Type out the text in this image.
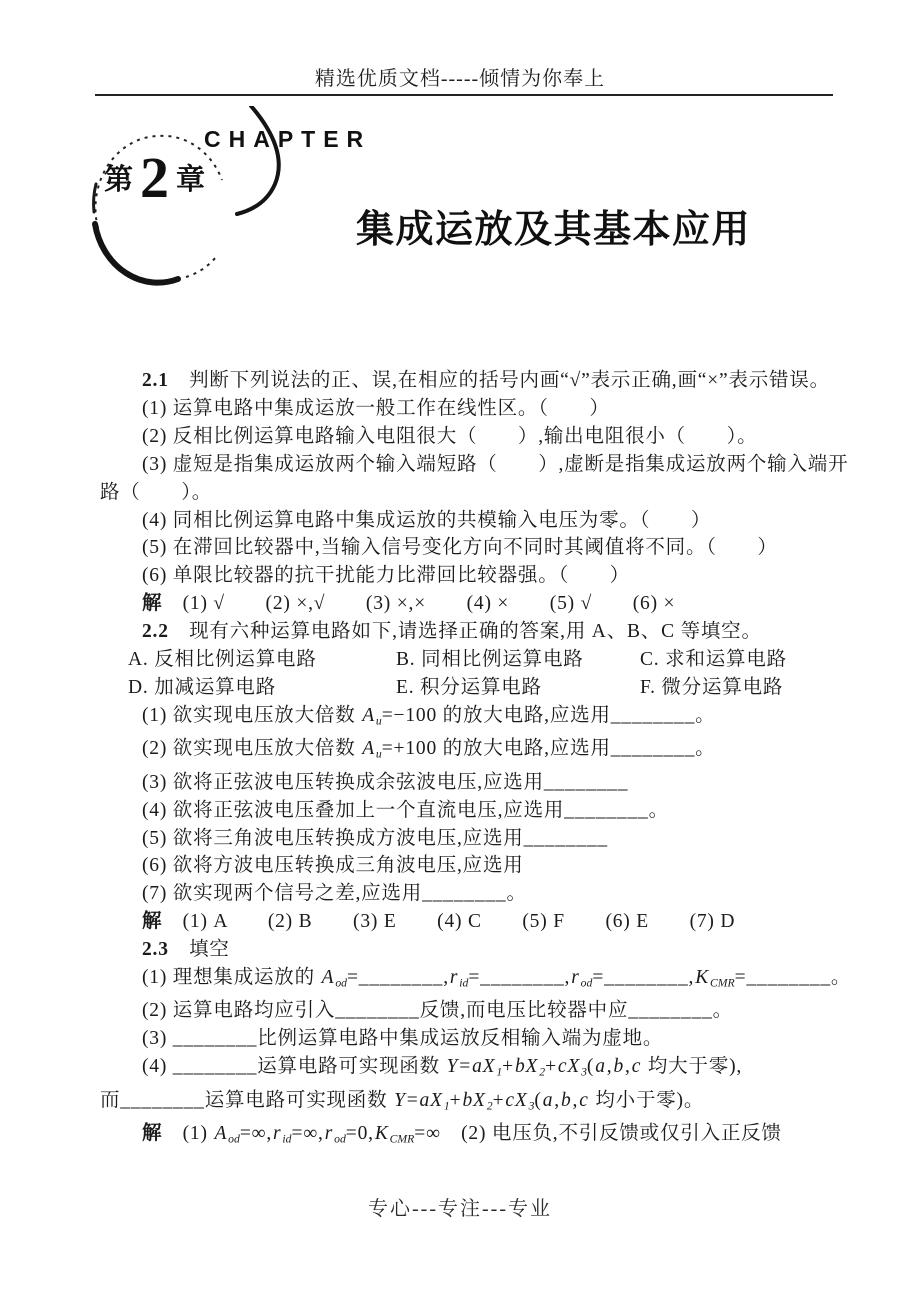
精选优质文档-----倾情为你奉上
CHAPTER
第 2 章
集成运放及其基本应用

2.1　判断下列说法的正、误,在相应的括号内画“√”表示正确,画“×”表示错误。

(1) 运算电路中集成运放一般工作在线性区。（　　）

(2) 反相比例运算电路输入电阻很大（　　）,输出电阻很小（　　）。

(3) 虚短是指集成运放两个输入端短路（　　）,虚断是指集成运放两个输入端开

路（　　）。

(4) 同相比例运算电路中集成运放的共模输入电压为零。（　　）

(5) 在滞回比较器中,当输入信号变化方向不同时其阈值将不同。（　　）

(6) 单限比较器的抗干扰能力比滞回比较器强。（　　）

解　(1) √　　(2) ×,√　　(3) ×,×　　(4) ×　　(5) √　　(6) ×

2.2　现有六种运算电路如下,请选择正确的答案,用 A、B、C 等填空。

A. 反相比例运算电路	B. 同相比例运算电路	C. 求和运算电路

D. 加减运算电路	E. 积分运算电路	F. 微分运算电路

(1) 欲实现电压放大倍数 Au=−100 的放大电路,应选用________。

(2) 欲实现电压放大倍数 Au=+100 的放大电路,应选用________。

(3) 欲将正弦波电压转换成余弦波电压,应选用________

(4) 欲将正弦波电压叠加上一个直流电压,应选用________。

(5) 欲将三角波电压转换成方波电压,应选用________

(6) 欲将方波电压转换成三角波电压,应选用

(7) 欲实现两个信号之差,应选用________。

解　(1) A　　(2) B　　(3) E　　(4) C　　(5) F　　(6) E　　(7) D

2.3　填空

(1) 理想集成运放的 Aod=________,rid=________,rod=________,KCMR=________。

(2) 运算电路均应引入________反馈,而电压比较器中应________。

(3) ________比例运算电路中集成运放反相输入端为虚地。

(4) ________运算电路可实现函数 Y=aX1+bX2+cX3(a,b,c 均大于零),

而________运算电路可实现函数 Y=aX1+bX2+cX3(a,b,c 均小于零)。

解　(1) Aod=∞,rid=∞,rod=0,KCMR=∞　(2) 电压负,不引反馈或仅引入正反馈

专心---专注---专业
